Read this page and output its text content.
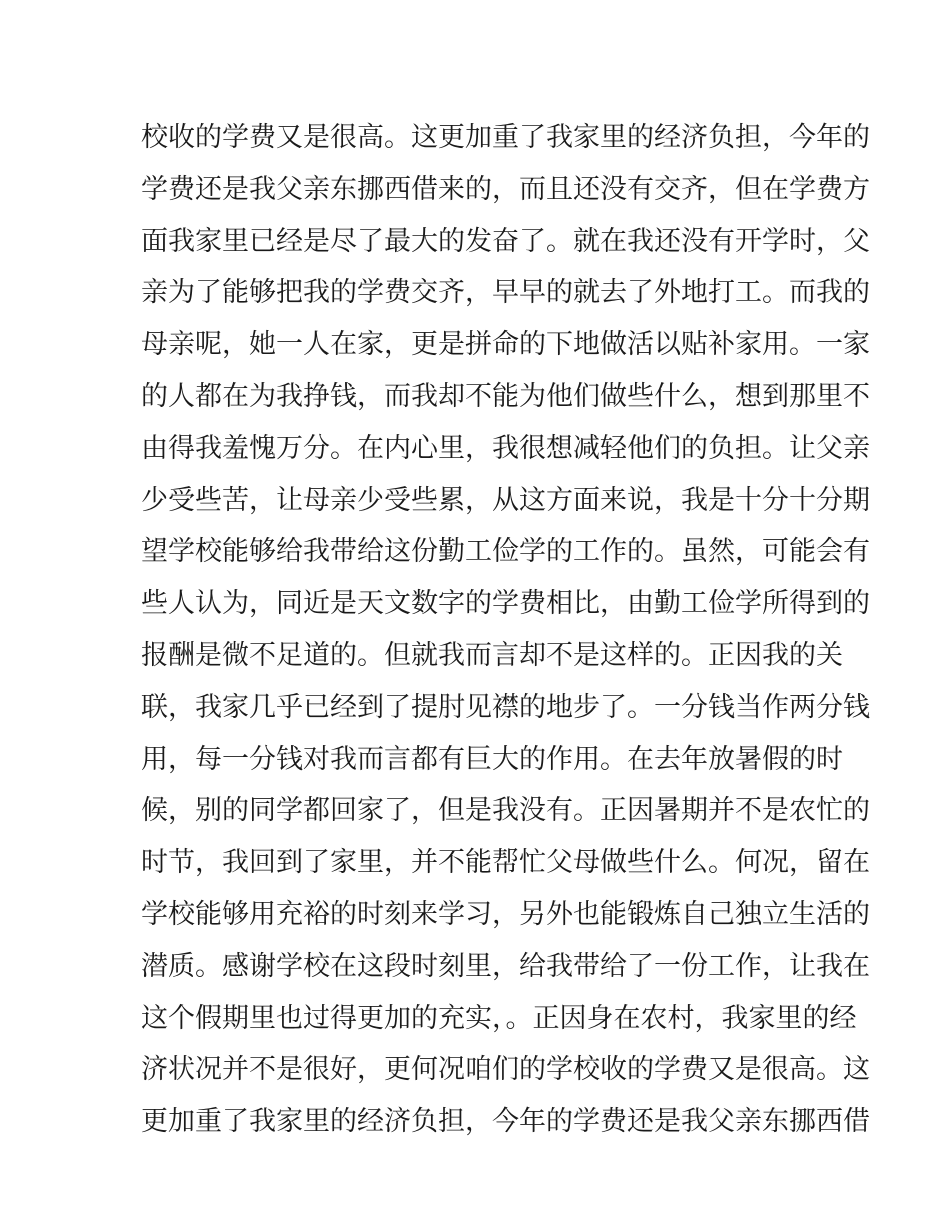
校收的学费又是很高。这更加重了我家里的经济负担，今年的
学费还是我父亲东挪西借来的，而且还没有交齐，但在学费方
面我家里已经是尽了最大的发奋了。就在我还没有开学时，父
亲为了能够把我的学费交齐，早早的就去了外地打工。而我的
母亲呢，她一人在家，更是拼命的下地做活以贴补家用。一家
的人都在为我挣钱，而我却不能为他们做些什么，想到那里不
由得我羞愧万分。在内心里，我很想减轻他们的负担。让父亲
少受些苦，让母亲少受些累，从这方面来说，我是十分十分期
望学校能够给我带给这份勤工俭学的工作的。虽然，可能会有
些人认为，同近是天文数字的学费相比，由勤工俭学所得到的
报酬是微不足道的。但就我而言却不是这样的。正因我的关
联，我家几乎已经到了提肘见襟的地步了。一分钱当作两分钱
用，每一分钱对我而言都有巨大的作用。在去年放暑假的时
候，别的同学都回家了，但是我没有。正因暑期并不是农忙的
时节，我回到了家里，并不能帮忙父母做些什么。何况，留在
学校能够用充裕的时刻来学习，另外也能锻炼自己独立生活的
潜质。感谢学校在这段时刻里，给我带给了一份工作，让我在
这个假期里也过得更加的充实，。正因身在农村，我家里的经
济状况并不是很好，更何况咱们的学校收的学费又是很高。这
更加重了我家里的经济负担，今年的学费还是我父亲东挪西借
